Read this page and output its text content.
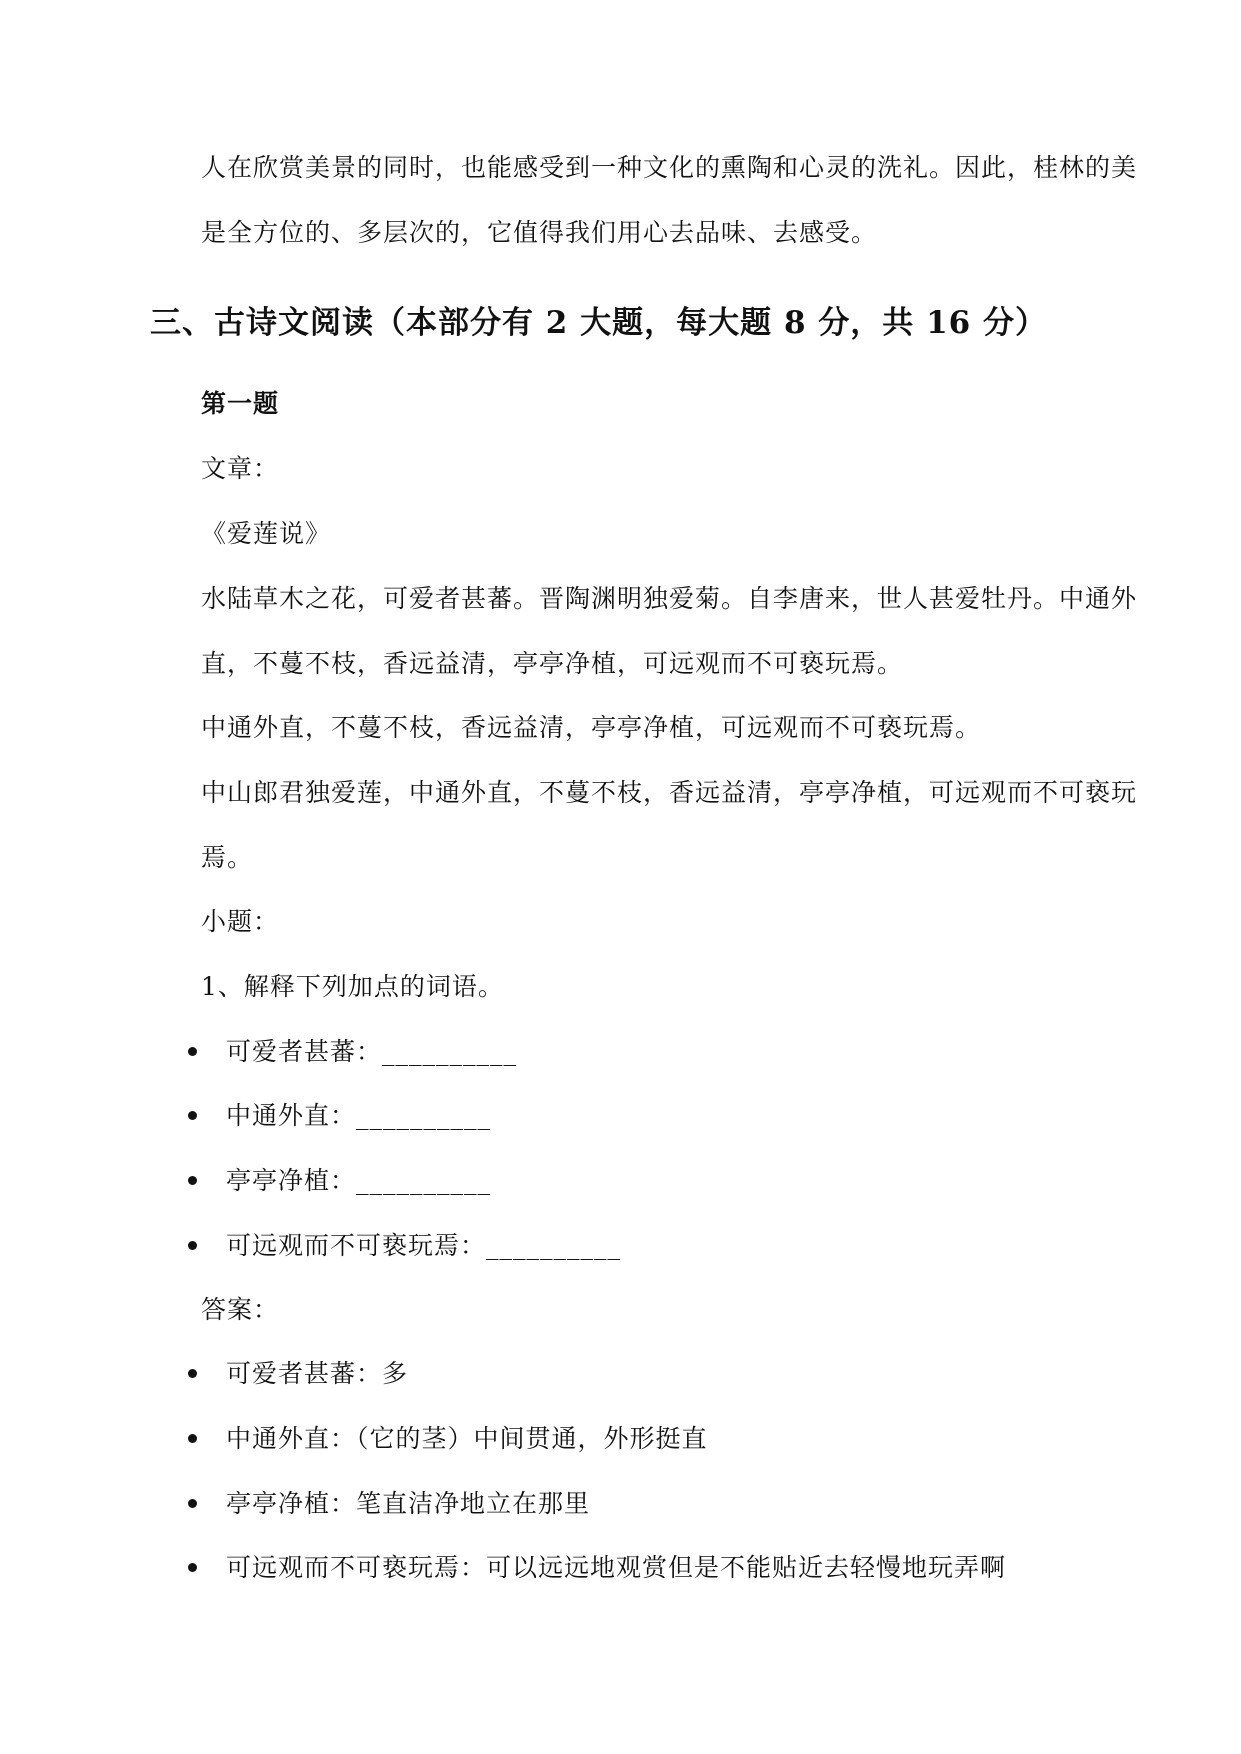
人在欣赏美景的同时，也能感受到一种文化的熏陶和心灵的洗礼。因此，桂林的美
是全方位的、多层次的，它值得我们用心去品味、去感受。
三、古诗文阅读（本部分有 2 大题，每大题 8 分，共 16 分）
第一题
文章：
《爱莲说》
水陆草木之花，可爱者甚蕃。晋陶渊明独爱菊。自李唐来，世人甚爱牡丹。中通外
直，不蔓不枝，香远益清，亭亭净植，可远观而不可亵玩焉。
中通外直，不蔓不枝，香远益清，亭亭净植，可远观而不可亵玩焉。
中山郎君独爱莲，中通外直，不蔓不枝，香远益清，亭亭净植，可远观而不可亵玩
焉。
小题：
1、解释下列加点的词语。
可爱者甚蕃：__________
中通外直：__________
亭亭净植：__________
可远观而不可亵玩焉：__________
答案：
可爱者甚蕃：多
中通外直：（它的茎）中间贯通，外形挺直
亭亭净植：笔直洁净地立在那里
可远观而不可亵玩焉：可以远远地观赏但是不能贴近去轻慢地玩弄啊
